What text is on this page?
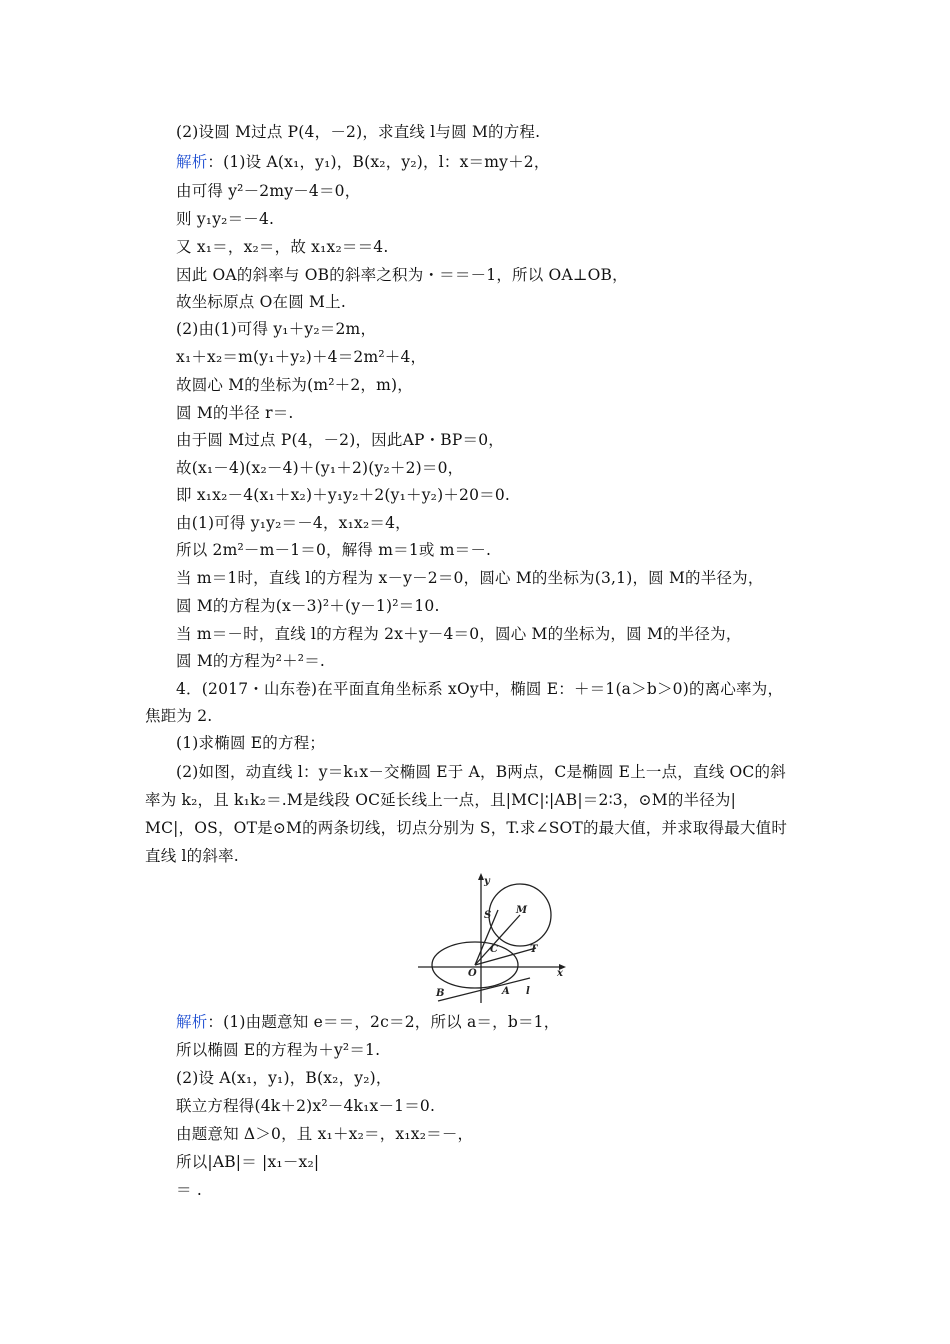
(2)设圆 M过点 P(4，－2)，求直线 l与圆 M的方程.
解析：(1)设 A(x₁，y₁)，B(x₂，y₂)，l：x＝my＋2，
由可得 y²－2my－4＝0，
则 y₁y₂＝－4.
又 x₁＝，x₂＝，故 x₁x₂＝＝4.
因此 OA的斜率与 OB的斜率之积为・＝＝－1，所以 OA⊥OB，
故坐标原点 O在圆 M上.
(2)由(1)可得 y₁＋y₂＝2m，
x₁＋x₂＝m(y₁＋y₂)＋4＝2m²＋4，
故圆心 M的坐标为(m²＋2，m)，
圆 M的半径 r＝.
由于圆 M过点 P(4，－2)，因此AP・BP＝0，
故(x₁－4)(x₂－4)＋(y₁＋2)(y₂＋2)＝0，
即 x₁x₂－4(x₁＋x₂)＋y₁y₂＋2(y₁＋y₂)＋20＝0.
由(1)可得 y₁y₂＝－4，x₁x₂＝4，
所以 2m²－m－1＝0，解得 m＝1或 m＝－.
当 m＝1时，直线 l的方程为 x－y－2＝0，圆心 M的坐标为(3,1)，圆 M的半径为，
圆 M的方程为(x－3)²＋(y－1)²＝10.
当 m＝－时，直线 l的方程为 2x＋y－4＝0，圆心 M的坐标为，圆 M的半径为，
圆 M的方程为²＋²＝.
4．(2017・山东卷)在平面直角坐标系 xOy中，椭圆 E：＋＝1(a＞b＞0)的离心率为，
焦距为 2.
(1)求椭圆 E的方程；
(2)如图，动直线 l：y＝k₁x－交椭圆 E于 A，B两点，C是椭圆 E上一点，直线 OC的斜
率为 k₂，且 k₁k₂＝.M是线段 OC延长线上一点，且|MC|∶|AB|＝2∶3，⊙M的半径为|
MC|，OS，OT是⊙M的两条切线，切点分别为 S，T.求∠SOT的最大值，并求取得最大值时
直线 l的斜率.
y
x
O
S M
C	T
A
B	l
解析：(1)由题意知 e＝＝，2c＝2，所以 a＝，b＝1，
所以椭圆 E的方程为＋y²＝1.
(2)设 A(x₁，y₁)，B(x₂，y₂)，
联立方程得(4k＋2)x²－4k₁x－1＝0.
由题意知 Δ＞0，且 x₁＋x₂＝，x₁x₂＝－，
所以|AB|＝ |x₁－x₂|
＝ .
